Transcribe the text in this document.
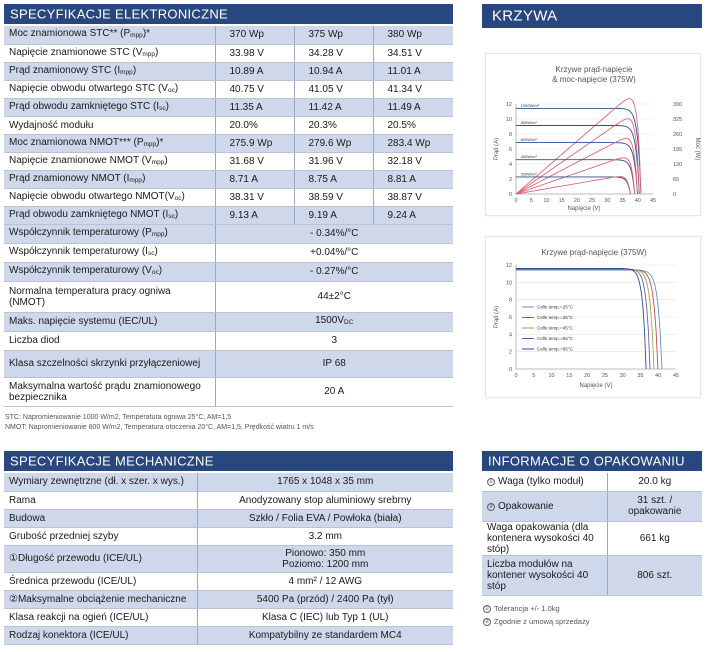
SPECYFIKACJE ELEKTRONICZNE
Moc znamionowa STC** $(P_{mpp})*$	370 Wp	375 Wp	380 Wp
Napięcie znamionowe STC $(V_{mpp})$	33.98 V	34.28 V	34.51 V
Prąd znamionowy STC $(I_{mpp})$	10.89 A	10.94 A	11.01 A
Napięcie obwodu otwartego STC $(V_{oc})$	40.75 V	41.05 V	41.34 V
Prąd obwodu zamkniętego STC $(I_{sc})$	11.35 A	11.42 A	11.49 A
Wydajność modułu	20.0%	20.3%	20.5%
Moc znamionowa NMOT*** $(P_{mpp})*$	275.9 Wp	279.6 Wp	283.4 Wp
Napięcie znamionowe NMOT $(V_{mpp})$	31.68 V	31.96 V	32.18 V
Prąd znamionowy NMOT $(I_{mpp})$	8.71 A	8.75 A	8.81 A
Napięcie obwodu otwartego $NMOT(V_{oc})$	38.31 V	38.59 V	38.87 V
Prąd obwodu zamkniętego NMOT $(I_{sc})$	9.13 A	9.19 A	9.24 A
Współczynnik temperaturowy $(P_{mpp})$	- 0.34%/°C		
Współczynnik temperaturowy $(I_{sc})$	+0.04%/°C		
Współczynnik temperaturowy $(V_{oc})$	- 0.27%/°C		
Normalna temperatura pracy ogniwa (NMOT)	44±2°C		
Maks. napięcie systemu (IEC/UL)	$1500V_{DC}$
Liczba diod	3		
Klasa szczelności skrzynki przyłączeniowej	IP 68		
Maksymalna wartość prądu znamionowego bezpiecznika	20 A		
STC: Napromieniowanie 1000 W/m2, Temperatura ogniwa 25°C, AM=1,5
NMOT: Napromieniowanie 800 W/m2, Temperatura otoczenia 20°C, AM=1,5, Prędkość wiatru 1 m/s
KRZYWA
Krzywe prąd-napięcie
& moc-napięcie (375W)
0
2
4
6
8
10
12
0 5 10 15 20 25 30 35 40 45
0
65
130
195
260
325
390
Napięcie (V)
Prąd (A)	Moc (W)
1000W/m²
800W/m²
600W/m²
400W/m²
200W/m²
Krzywe prąd-napięcie (375W)
0
2
4
6
8
10
12
0	5 10 15 20 25 30 35 40 45
Napięcie (V)
Prąd (A)	Cells temp.=25°C
Cells temp.=35°C
Cells temp.=45°C
Cells temp.=55°C
Cells temp.=65°C
SPECYFIKACJE MECHANICZNE
Wymiary zewnętrzne (dł. x szer. x wys.)	1765 x 1048 x 35 mm

Rama	Anodyzowany stop aluminiowy srebrny

Budowa	Szkło / Folia EVA / Powłoka (biała)

Grubość przedniej szyby	3.2 mm

①Długość przewodu (ICE/UL)	Pionowo: 350 mm
Poziomo: 1200 mm

Średnica przewodu (ICE/UL)	4 mm² / 12 AWG

②Maksymalne obciążenie mechaniczne	5400 Pa (przód) / 2400 Pa (tył)

Klasa reakcji na ogień (ICE/UL)	Klasa C (IEC) lub Typ 1 (UL)

Rodzaj konektora (ICE/UL)	Kompatybilny ze standardem MC4
INFORMACJE O OPAKOWANIU
① Waga (tylko moduł)	20.0 kg

② Opakowanie	31 szt. /
opakowanie

Waga opakowania (dla kontenera wysokości 40 stóp)	661 kg

Liczba modułów na kontener wysokości 40 stóp	806 szt.
① Tolerancja +/- 1.0kg
② Zgodnie z umową sprzedaży
